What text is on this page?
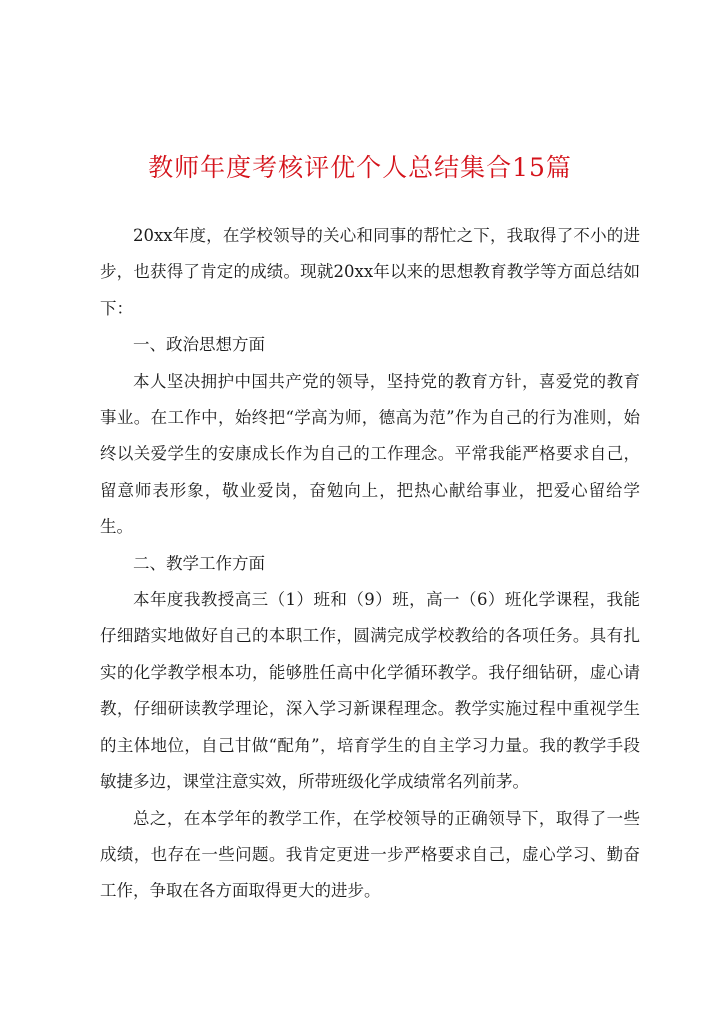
教师年度考核评优个人总结集合15篇

20xx年度，在学校领导的关心和同事的帮忙之下，我取得了不小的进步，也获得了肯定的成绩。现就20xx年以来的思想教育教学等方面总结如下：

一、政治思想方面

本人坚决拥护中国共产党的领导，坚持党的教育方针，喜爱党的教育事业。在工作中，始终把“学高为师，德高为范”作为自己的行为准则，始终以关爱学生的安康成长作为自己的工作理念。平常我能严格要求自己，留意师表形象，敬业爱岗，奋勉向上，把热心献给事业，把爱心留给学生。

二、教学工作方面

本年度我教授高三（1）班和（9）班，高一（6）班化学课程，我能仔细踏实地做好自己的本职工作，圆满完成学校教给的各项任务。具有扎实的化学教学根本功，能够胜任高中化学循环教学。我仔细钻研，虚心请教，仔细研读教学理论，深入学习新课程理念。教学实施过程中重视学生的主体地位，自己甘做“配角”，培育学生的自主学习力量。我的教学手段敏捷多边，课堂注意实效，所带班级化学成绩常名列前茅。

总之，在本学年的教学工作，在学校领导的正确领导下，取得了一些成绩，也存在一些问题。我肯定更进一步严格要求自己，虚心学习、勤奋工作，争取在各方面取得更大的进步。
